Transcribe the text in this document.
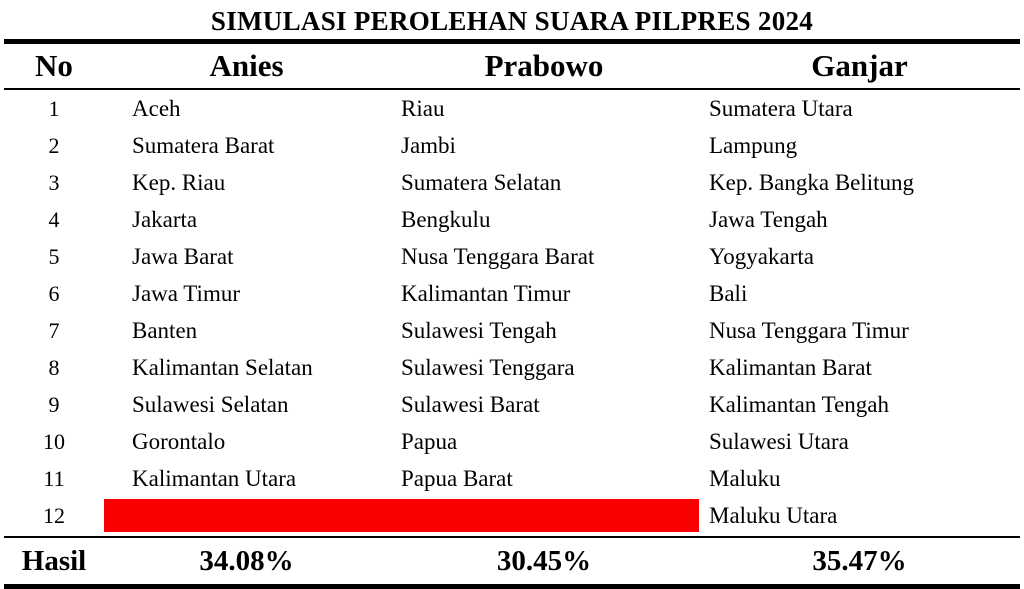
SIMULASI PEROLEHAN SUARA PILPRES 2024
No	Anies	Prabowo	Ganjar
1	Aceh	Riau	Sumatera Utara
2	Sumatera Barat	Jambi	Lampung
3	Kep. Riau	Sumatera Selatan	Kep. Bangka Belitung
4	Jakarta	Bengkulu	Jawa Tengah
5	Jawa Barat	Nusa Tenggara Barat	Yogyakarta
6	Jawa Timur	Kalimantan Timur	Bali
7	Banten	Sulawesi Tengah	Nusa Tenggara Timur
8	Kalimantan Selatan	Sulawesi Tenggara	Kalimantan Barat
9	Sulawesi Selatan	Sulawesi Barat	Kalimantan Tengah
10	Gorontalo	Papua	Sulawesi Utara
11	Kalimantan Utara	Papua Barat	Maluku
12			Maluku Utara
Hasil	34.08%	30.45%	35.47%
